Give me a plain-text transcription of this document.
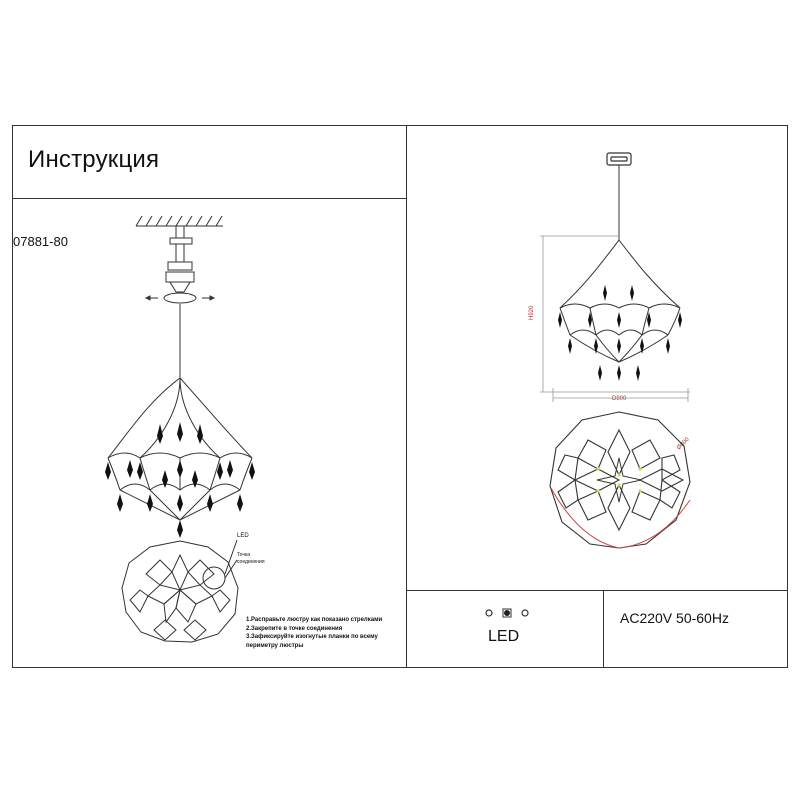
Инструкция
07881-80
LED
AC220V 50-60Hz
1.Расправьте люстру как показано стрелками
2.Закрепите в точке соединения
3.Зафиксируйте изогнутые планки по всему
периметру люстры
LED
Точка соединения
H920
D800
Ø800
